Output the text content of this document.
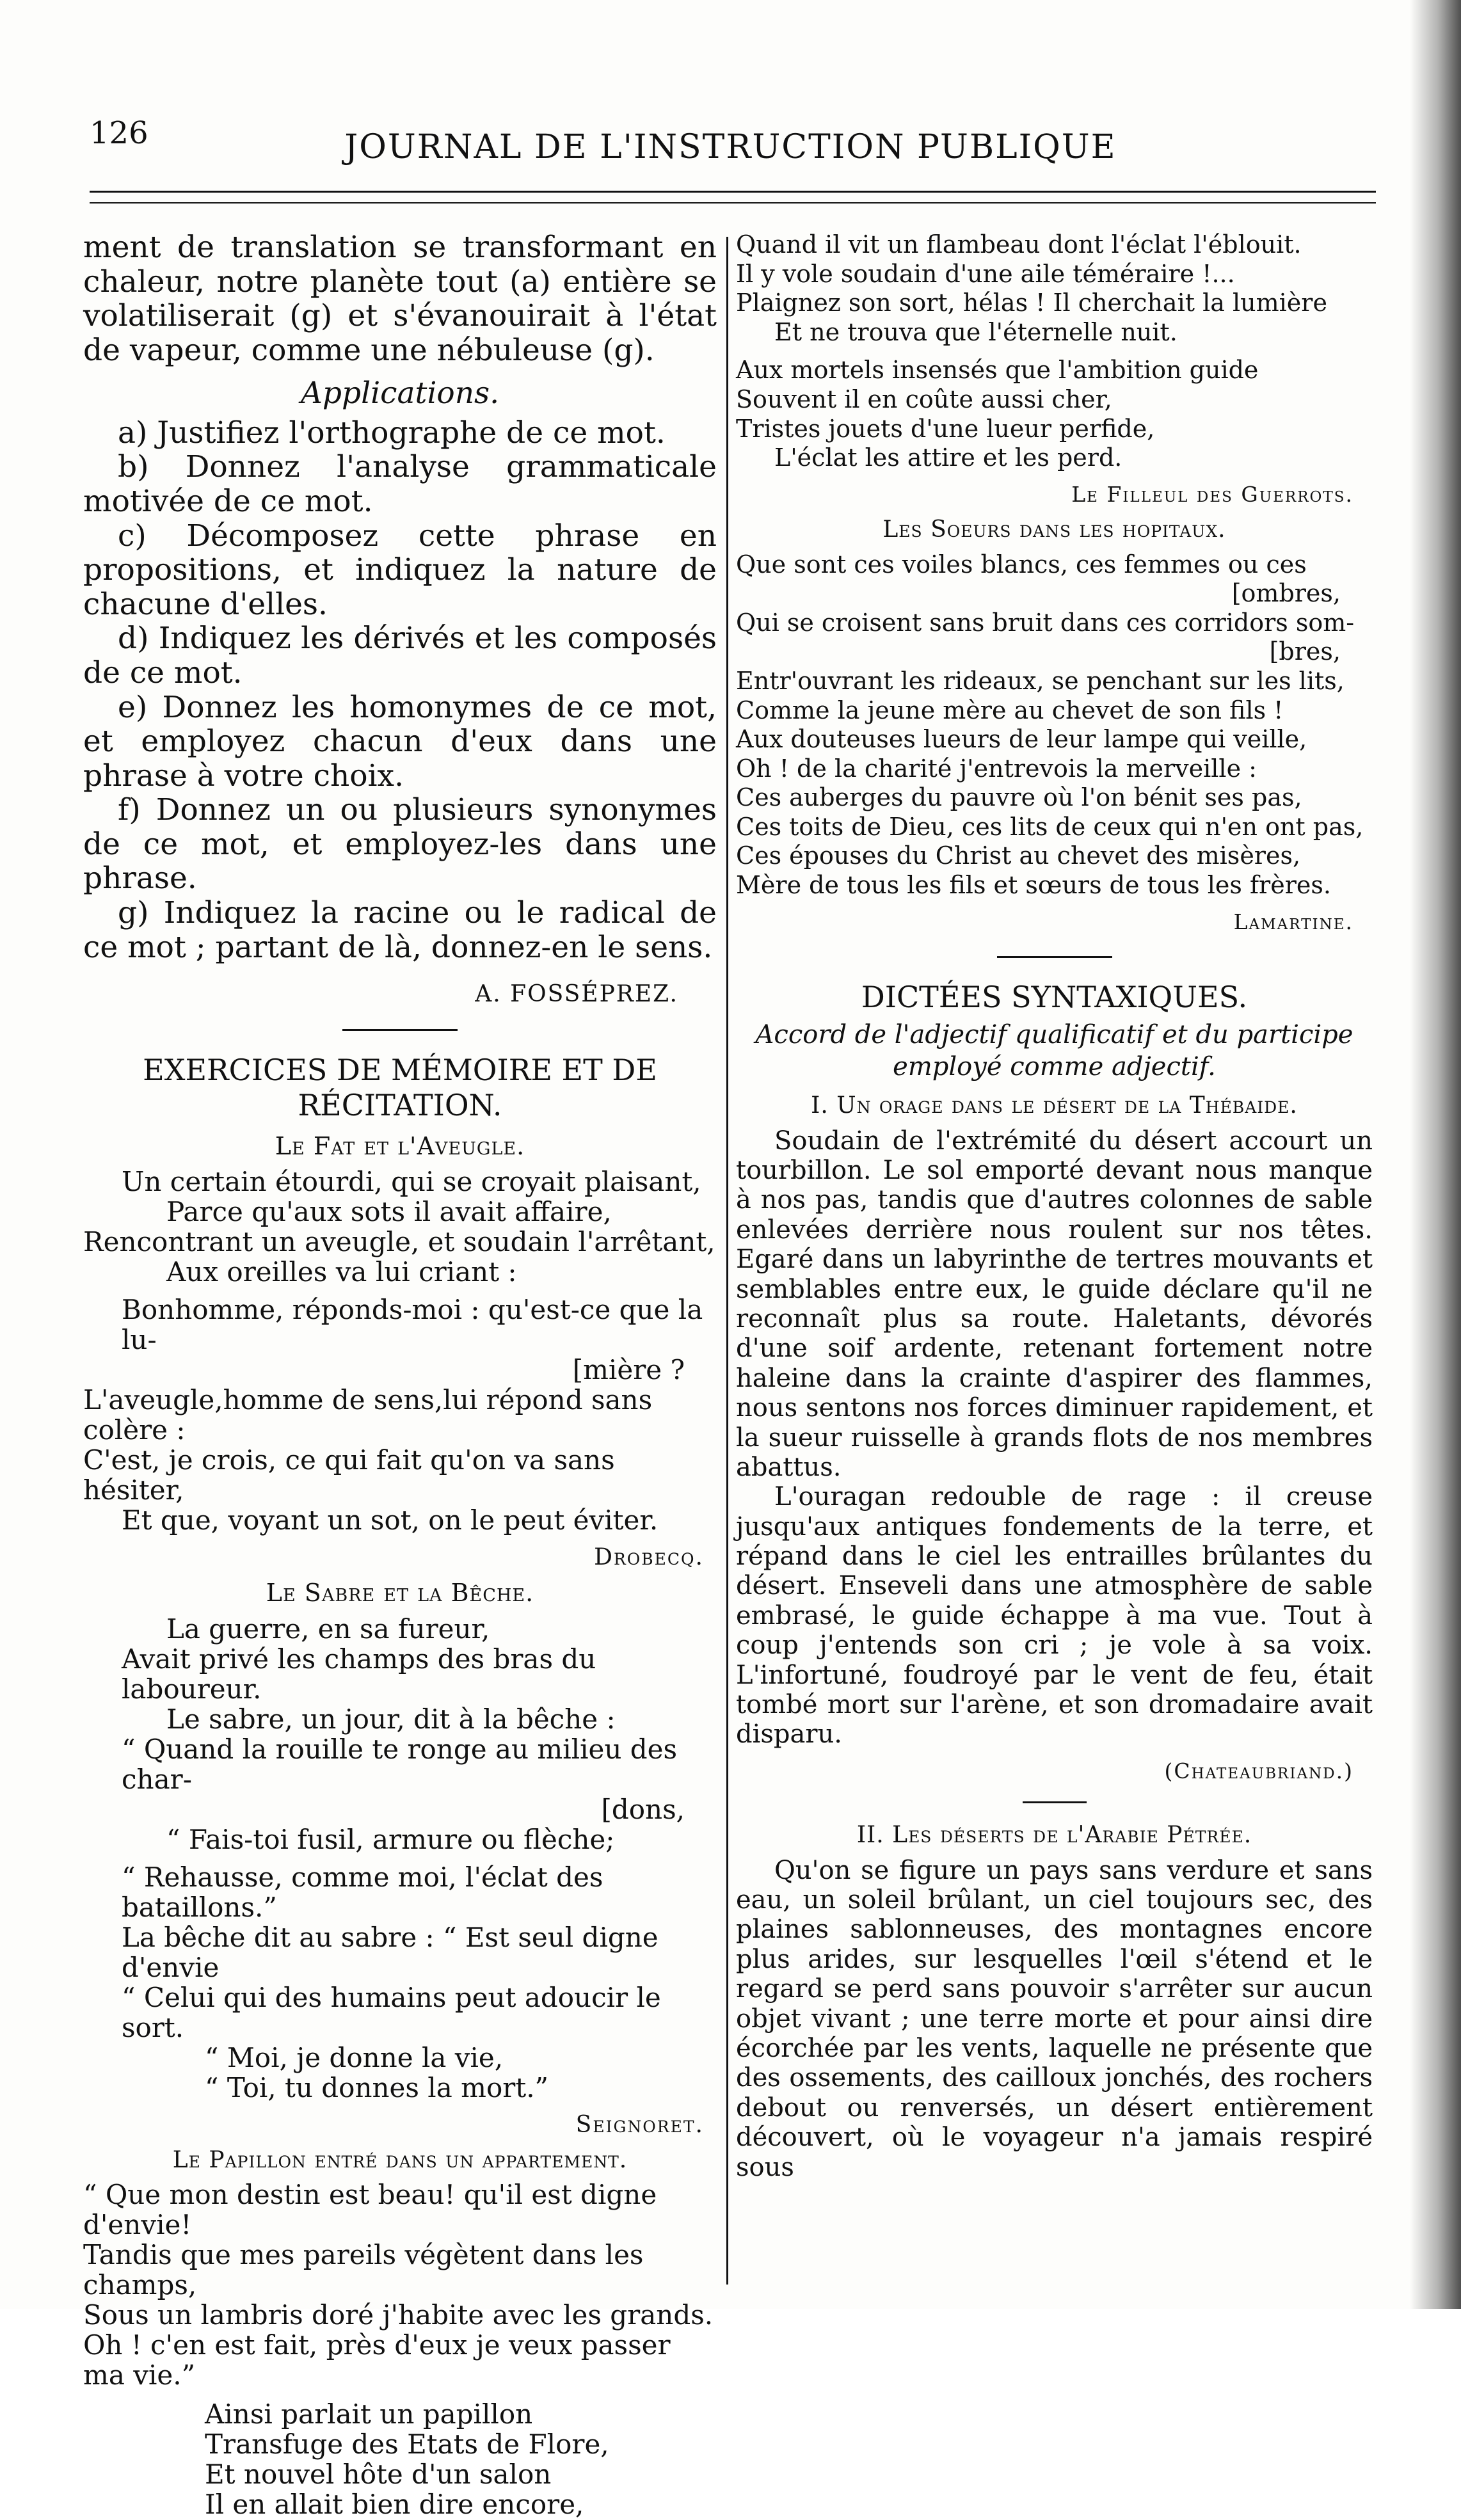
126	JOURNAL DE L'INSTRUCTION PUBLIQUE

ment de translation se transformant en chaleur, notre planète tout (a) entière se volatiliserait (g) et s'évanouirait à l'état de vapeur, comme une nébuleuse (g).

Applications.

a) Justifiez l'orthographe de ce mot.

b) Donnez l'analyse grammaticale motivée de ce mot.

c) Décomposez cette phrase en propositions, et indiquez la nature de chacune d'elles.

d) Indiquez les dérivés et les composés de ce mot.

e) Donnez les homonymes de ce mot, et employez chacun d'eux dans une phrase à votre choix.

f) Donnez un ou plusieurs synonymes de ce mot, et employez-les dans une phrase.

g) Indiquez la racine ou le radical de ce mot ; partant de là, donnez-en le sens.

A. FOSSÉPREZ.

EXERCICES DE MÉMOIRE ET DE

RÉCITATION.

Le Fat et l'Aveugle.

Un certain étourdi, qui se croyait plaisant,

Parce qu'aux sots il avait affaire,

Rencontrant un aveugle, et soudain l'arrêtant,

Aux oreilles va lui criant :

Bonhomme, réponds-moi : qu'est-ce que la lu-

[mière ?

L'aveugle,homme de sens,lui répond sans colère :

C'est, je crois, ce qui fait qu'on va sans hésiter,

Et que, voyant un sot, on le peut éviter.

Drobecq.

Le Sabre et la Bêche.

La guerre, en sa fureur,

Avait privé les champs des bras du laboureur.

Le sabre, un jour, dit à la bêche :

“ Quand la rouille te ronge au milieu des char-

[dons,

“ Fais-toi fusil, armure ou flèche;

“ Rehausse, comme moi, l'éclat des bataillons.”

La bêche dit au sabre : “ Est seul digne d'envie

“ Celui qui des humains peut adoucir le sort.

“ Moi, je donne la vie,

“ Toi, tu donnes la mort.”

Seignoret.

Le Papillon entré dans un appartement.

“ Que mon destin est beau! qu'il est digne d'envie!

Tandis que mes pareils végètent dans les champs,

Sous un lambris doré j'habite avec les grands.

Oh ! c'en est fait, près d'eux je veux passer ma vie.”

Ainsi parlait un papillon

Transfuge des Etats de Flore,

Et nouvel hôte d'un salon

Il en allait bien dire encore,

Quand il vit un flambeau dont l'éclat l'éblouit.

Il y vole soudain d'une aile téméraire !...

Plaignez son sort, hélas ! Il cherchait la lumière

Et ne trouva que l'éternelle nuit.

Aux mortels insensés que l'ambition guide

Souvent il en coûte aussi cher,

Tristes jouets d'une lueur perfide,

L'éclat les attire et les perd.

Le Filleul des Guerrots.

Les Soeurs dans les hopitaux.

Que sont ces voiles blancs, ces femmes ou ces

[ombres,

Qui se croisent sans bruit dans ces corridors som-

[bres,

Entr'ouvrant les rideaux, se penchant sur les lits,

Comme la jeune mère au chevet de son fils !

Aux douteuses lueurs de leur lampe qui veille,

Oh ! de la charité j'entrevois la merveille :

Ces auberges du pauvre où l'on bénit ses pas,

Ces toits de Dieu, ces lits de ceux qui n'en ont pas,

Ces épouses du Christ au chevet des misères,

Mère de tous les fils et sœurs de tous les frères.

Lamartine.

DICTÉES SYNTAXIQUES.

Accord de l'adjectif qualificatif et du participe employé comme adjectif.

I. Un orage dans le désert de la Thébaide.

Soudain de l'extrémité du désert accourt un tourbillon. Le sol emporté devant nous manque à nos pas, tandis que d'autres colonnes de sable enlevées derrière nous roulent sur nos têtes. Egaré dans un labyrinthe de tertres mouvants et semblables entre eux, le guide déclare qu'il ne reconnaît plus sa route. Haletants, dévorés d'une soif ardente, retenant fortement notre haleine dans la crainte d'aspirer des flammes, nous sentons nos forces diminuer rapidement, et la sueur ruisselle à grands flots de nos membres abattus.

L'ouragan redouble de rage : il creuse jusqu'aux antiques fondements de la terre, et répand dans le ciel les entrailles brûlantes du désert. Enseveli dans une atmosphère de sable embrasé, le guide échappe à ma vue. Tout à coup j'entends son cri ; je vole à sa voix. L'infortuné, foudroyé par le vent de feu, était tombé mort sur l'arène, et son dromadaire avait disparu.

(Chateaubriand.)

II. Les déserts de l'Arabie Pétrée.

Qu'on se figure un pays sans verdure et sans eau, un soleil brûlant, un ciel toujours sec, des plaines sablonneuses, des montagnes encore plus arides, sur lesquelles l'œil s'étend et le regard se perd sans pouvoir s'arrêter sur aucun objet vivant ; une terre morte et pour ainsi dire écorchée par les vents, laquelle ne présente que des ossements, des cailloux jonchés, des rochers debout ou renversés, un désert entièrement découvert, où le voyageur n'a jamais respiré sous
